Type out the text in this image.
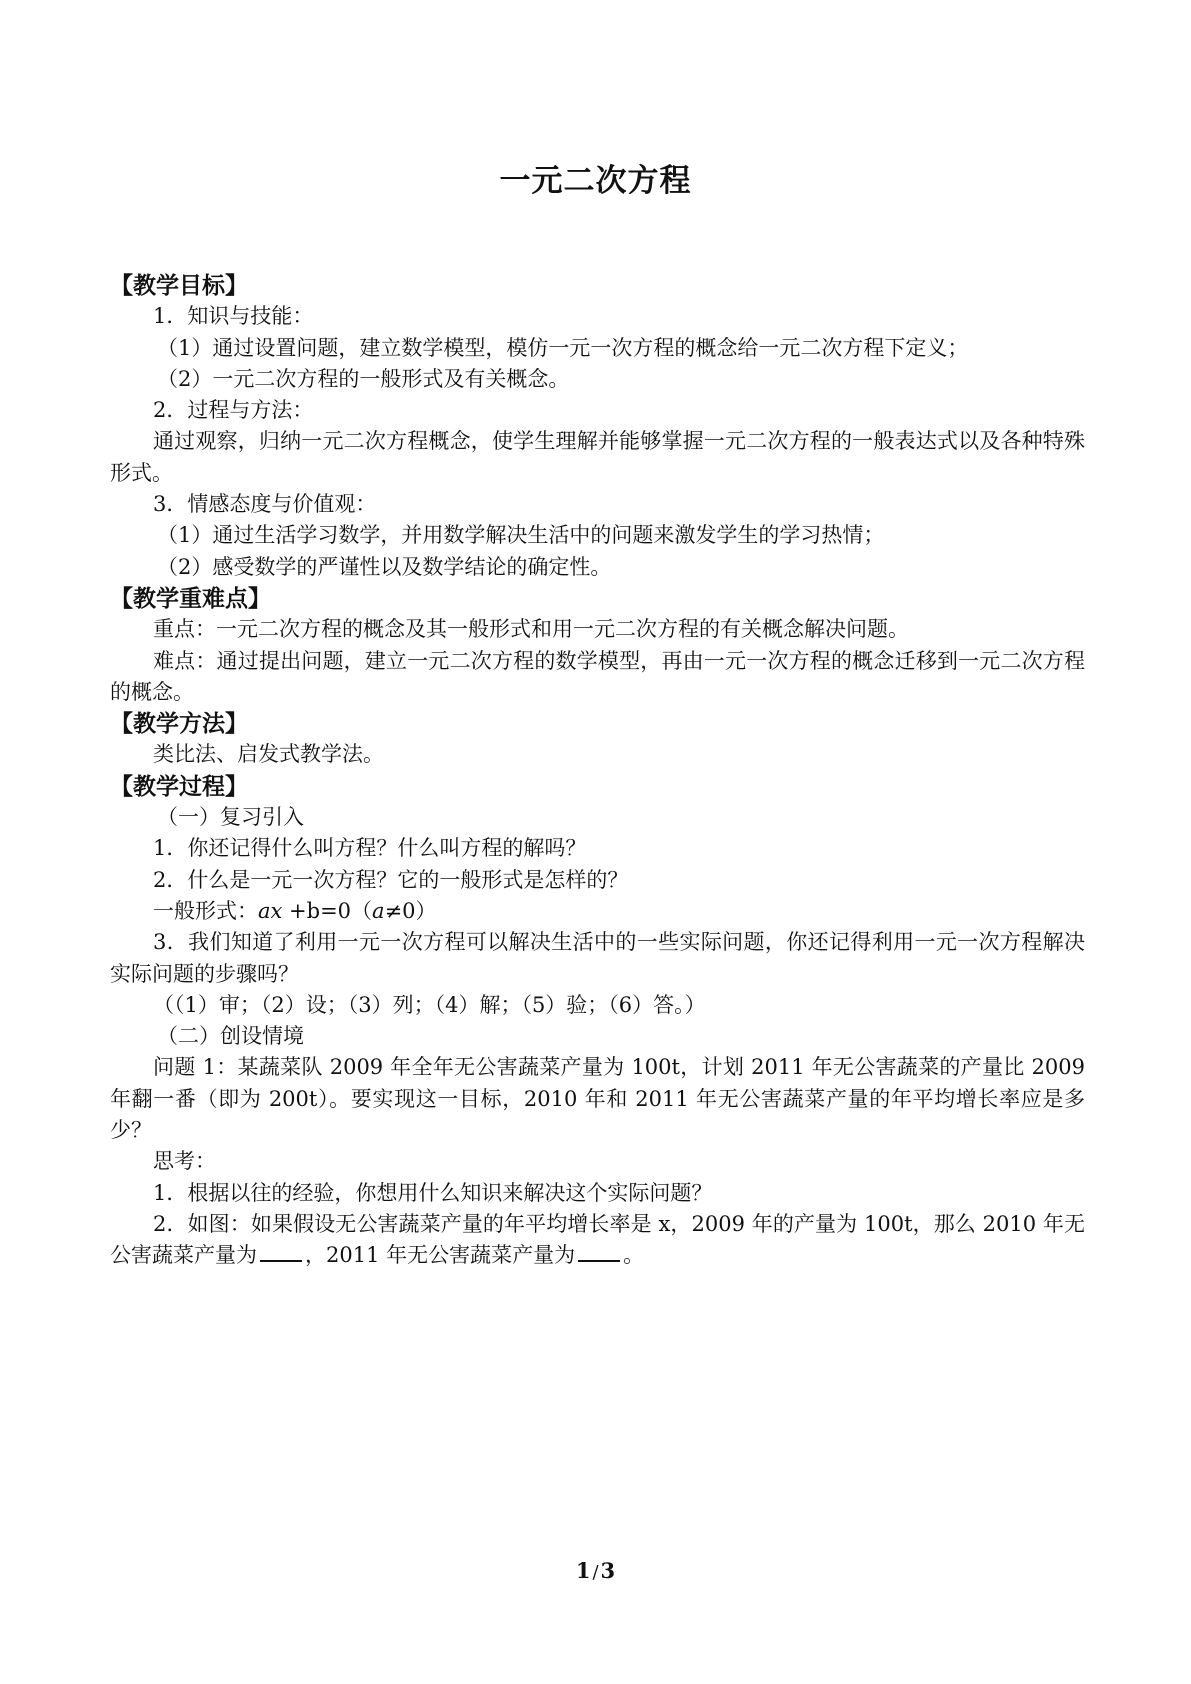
一元二次方程
【教学目标】
1．知识与技能：
（1）通过设置问题，建立数学模型，模仿一元一次方程的概念给一元二次方程下定义；
（2）一元二次方程的一般形式及有关概念。
2．过程与方法：
通过观察，归纳一元二次方程概念，使学生理解并能够掌握一元二次方程的一般表达式以及各种特殊形式。
3．情感态度与价值观：
（1）通过生活学习数学，并用数学解决生活中的问题来激发学生的学习热情；
（2）感受数学的严谨性以及数学结论的确定性。
【教学重难点】
重点：一元二次方程的概念及其一般形式和用一元二次方程的有关概念解决问题。
难点：通过提出问题，建立一元二次方程的数学模型，再由一元一次方程的概念迁移到一元二次方程的概念。
【教学方法】
类比法、启发式教学法。
【教学过程】
（一）复习引入
1．你还记得什么叫方程？什么叫方程的解吗？
2．什么是一元一次方程？它的一般形式是怎样的？
一般形式：ax +b=0（a≠0）
3．我们知道了利用一元一次方程可以解决生活中的一些实际问题，你还记得利用一元一次方程解决实际问题的步骤吗？
（（1）审；（2）设；（3）列；（4）解；（5）验；（6）答。）
（二）创设情境
问题 1：某蔬菜队 2009 年全年无公害蔬菜产量为 100t，计划 2011 年无公害蔬菜的产量比 2009 年翻一番（即为 200t）。要实现这一目标，2010 年和 2011 年无公害蔬菜产量的年平均增长率应是多少？
思考：
1．根据以往的经验，你想用什么知识来解决这个实际问题？
2．如图：如果假设无公害蔬菜产量的年平均增长率是 x，2009 年的产量为 100t，那么 2010 年无公害蔬菜产量为 ，2011 年无公害蔬菜产量为 。
1 /3
